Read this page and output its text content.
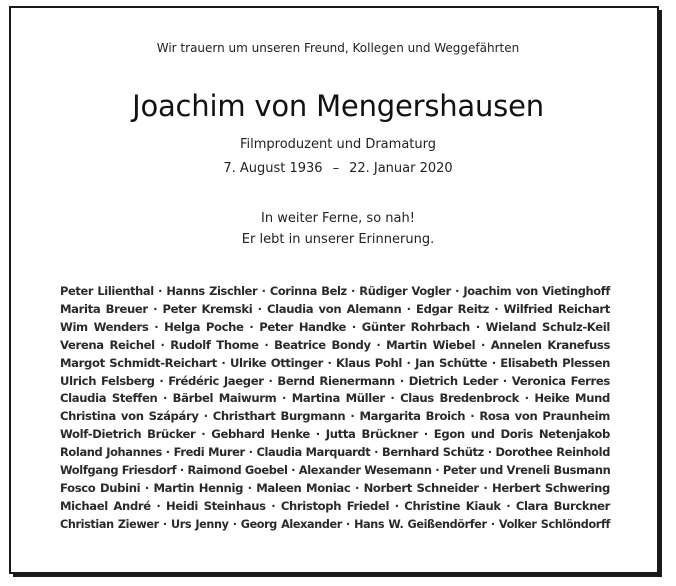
Wir trauern um unseren Freund, Kollegen und Weggefährten
Joachim von Mengershausen
Filmproduzent und Dramaturg
7. August 1936 – 22. Januar 2020
In weiter Ferne, so nah!
Er lebt in unserer Erinnerung.
Peter Lilienthal · Hanns Zischler · Corinna Belz · Rüdiger Vogler · Joachim von Vietinghoff
Marita Breuer · Peter Kremski · Claudia von Alemann · Edgar Reitz · Wilfried Reichart
Wim Wenders · Helga Poche · Peter Handke · Günter Rohrbach · Wieland Schulz-Keil
Verena Reichel · Rudolf Thome · Beatrice Bondy · Martin Wiebel · Annelen Kranefuss
Margot Schmidt-Reichart · Ulrike Ottinger · Klaus Pohl · Jan Schütte · Elisabeth Plessen
Ulrich Felsberg · Frédéric Jaeger · Bernd Rienermann · Dietrich Leder · Veronica Ferres
Claudia Steffen · Bärbel Maiwurm · Martina Müller · Claus Bredenbrock · Heike Mund
Christina von Szápáry · Christhart Burgmann · Margarita Broich · Rosa von Praunheim
Wolf-Dietrich Brücker · Gebhard Henke · Jutta Brückner · Egon und Doris Netenjakob
Roland Johannes · Fredi Murer · Claudia Marquardt · Bernhard Schütz · Dorothee Reinhold
Wolfgang Friesdorf · Raimond Goebel · Alexander Wesemann · Peter und Vreneli Busmann
Fosco Dubini · Martin Hennig · Maleen Moniac · Norbert Schneider · Herbert Schwering
Michael André · Heidi Steinhaus · Christoph Friedel · Christine Kiauk · Clara Burckner
Christian Ziewer · Urs Jenny · Georg Alexander · Hans W. Geißendörfer · Volker Schlöndorff
